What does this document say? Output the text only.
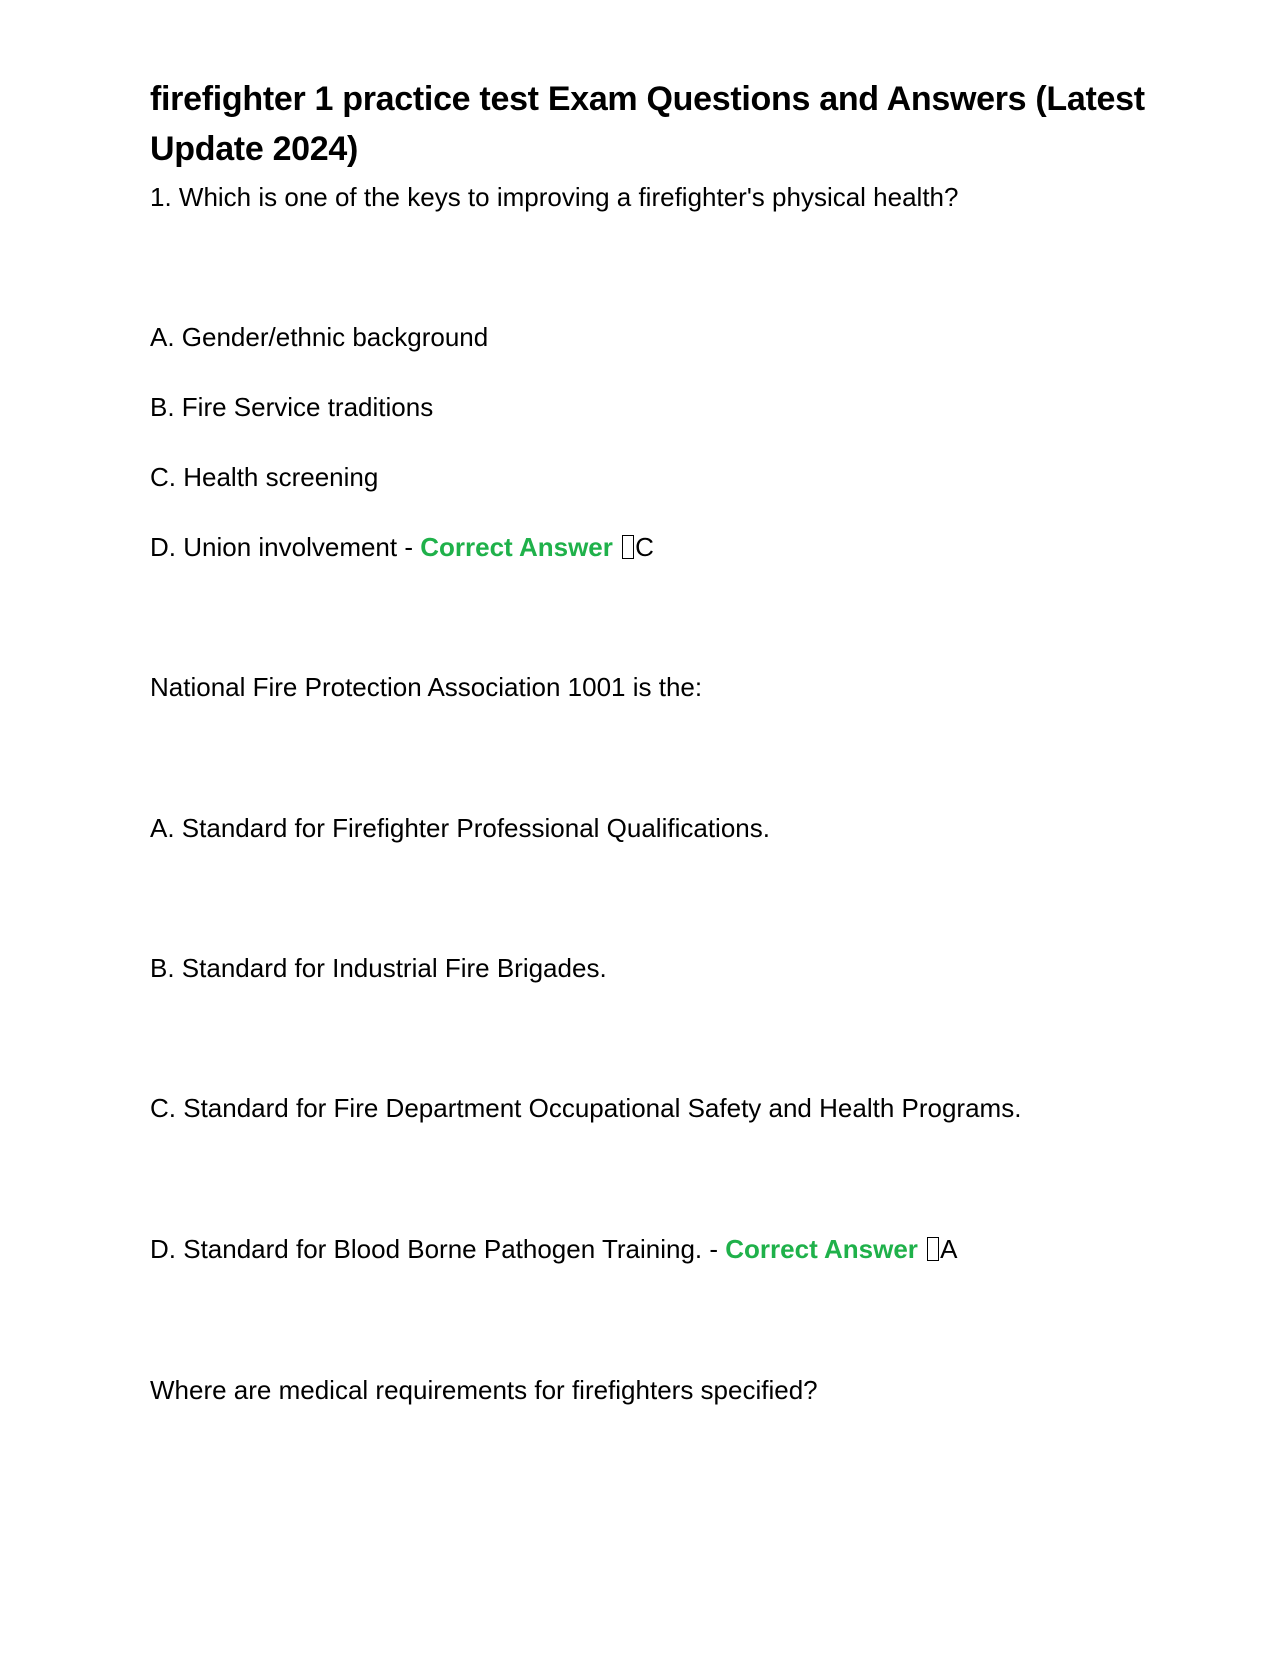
firefighter 1 practice test Exam Questions and Answers (Latest Update 2024)

1. Which is one of the keys to improving a firefighter's physical health?

A. Gender/ethnic background

B. Fire Service traditions

C. Health screening

D. Union involvement - Correct Answer C

National Fire Protection Association 1001 is the:

A. Standard for Firefighter Professional Qualifications.

B. Standard for Industrial Fire Brigades.

C. Standard for Fire Department Occupational Safety and Health Programs.

D. Standard for Blood Borne Pathogen Training. - Correct Answer A

Where are medical requirements for firefighters specified?
